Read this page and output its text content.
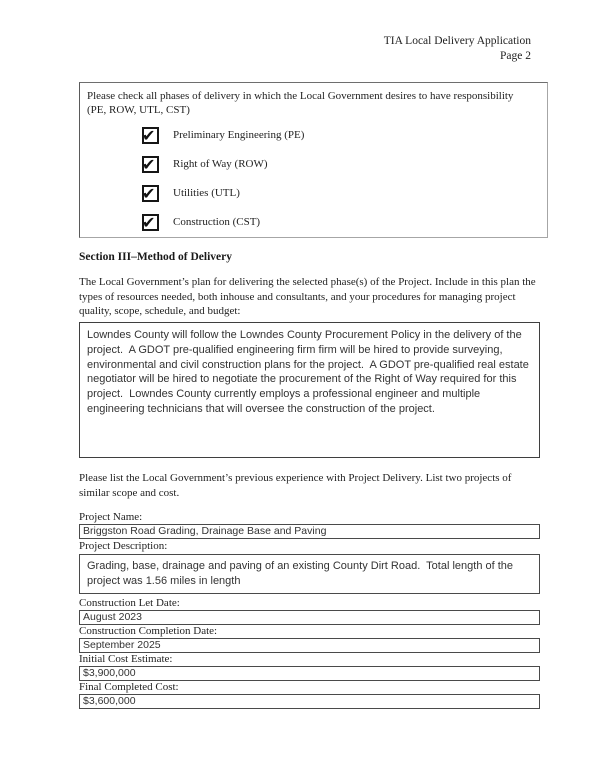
TIA Local Delivery Application
Page 2
Please check all phases of delivery in which the Local Government desires to have responsibility
(PE, ROW, UTL, CST)
✔ Preliminary Engineering (PE)
✔ Right of Way (ROW)
✔ Utilities (UTL)
✔ Construction (CST)
Section III–Method of Delivery
The Local Government’s plan for delivering the selected phase(s) of the Project. Include in this plan the types of resources needed, both inhouse and consultants, and your procedures for managing project quality, scope, schedule, and budget:
Lowndes County will follow the Lowndes County Procurement Policy in the delivery of the project.  A GDOT pre-qualified engineering firm firm will be hired to provide surveying, environmental and civil construction plans for the project.  A GDOT pre-qualified real estate negotiator will be hired to negotiate the procurement of the Right of Way required for this project.  Lowndes County currently employs a professional engineer and multiple engineering technicians that will oversee the construction of the project.
Please list the Local Government’s previous experience with Project Delivery. List two projects of similar scope and cost.
Project Name:
Briggston Road Grading, Drainage Base and Paving
Project Description:
Grading, base, drainage and paving of an existing County Dirt Road.  Total length of the project was 1.56 miles in length
Construction Let Date:
August 2023
Construction Completion Date:
September 2025
Initial Cost Estimate:
$3,900,000
Final Completed Cost:
$3,600,000
